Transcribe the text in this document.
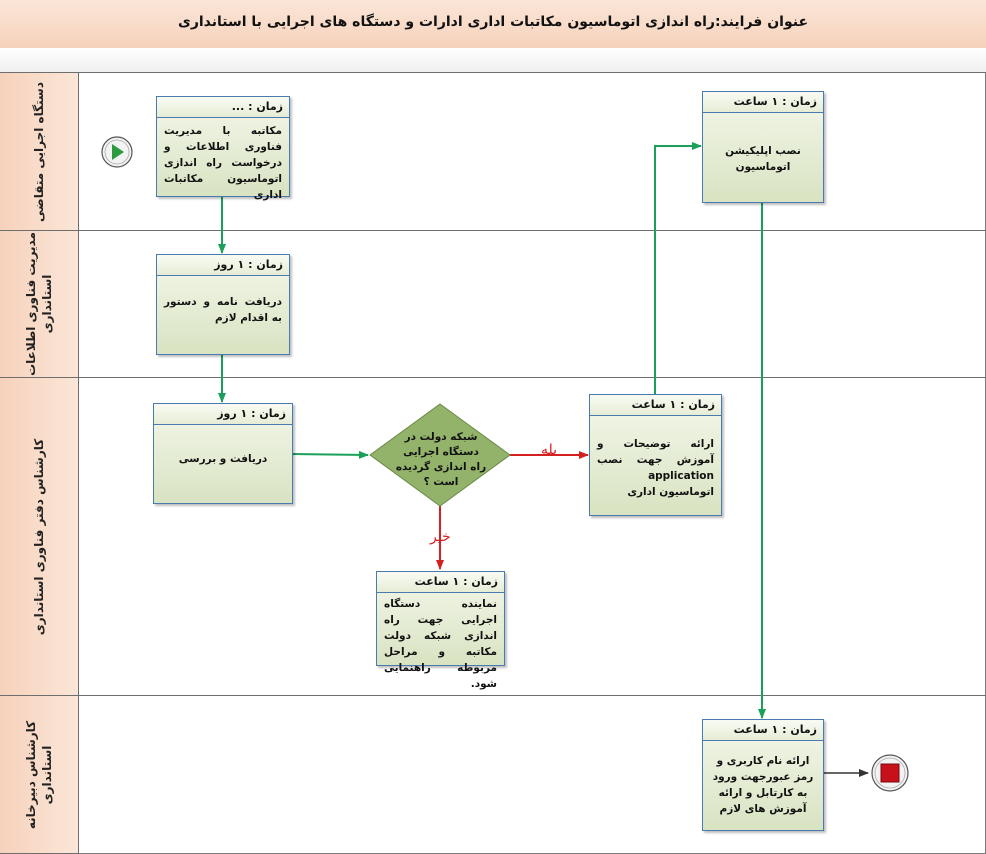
عنوان فرایند:راه اندازی اتوماسیون مکاتبات اداری ادارات و دستگاه های اجرایی با استانداری
دستگاه اجرایی متقاضی
مدیریت فناوری اطلاعات
استانداری
کارشناس دفتر فناوری استانداری
کارشناس دبیرخانه
استانداری
شبکه دولت در دستگاه اجرایی راه اندازی گردیده است ؟
بله
خیر
زمان : ...
مکاتبه با مدیریت فناوری اطلاعات و درخواست راه اندازی اتوماسیون مکاتبات اداری
زمان : ۱ روز
دریافت نامه و دستور به اقدام لازم
زمان : ۱ روز
دریافت و بررسی
زمان : ۱ ساعت
ارائه توضیحات و آموزش جهت نصب application اتوماسیون اداری
زمان : ۱ ساعت
نصب اپلیکیشن اتوماسیون
زمان : ۱ ساعت
نماینده دستگاه اجرایی جهت راه اندازی شبکه دولت مکاتبه و مراحل مربوطه راهنمایی شود.
زمان : ۱ ساعت
ارائه نام کاربری و رمز عبورجهت ورود به کارتابل و ارائه آموزش های لازم
